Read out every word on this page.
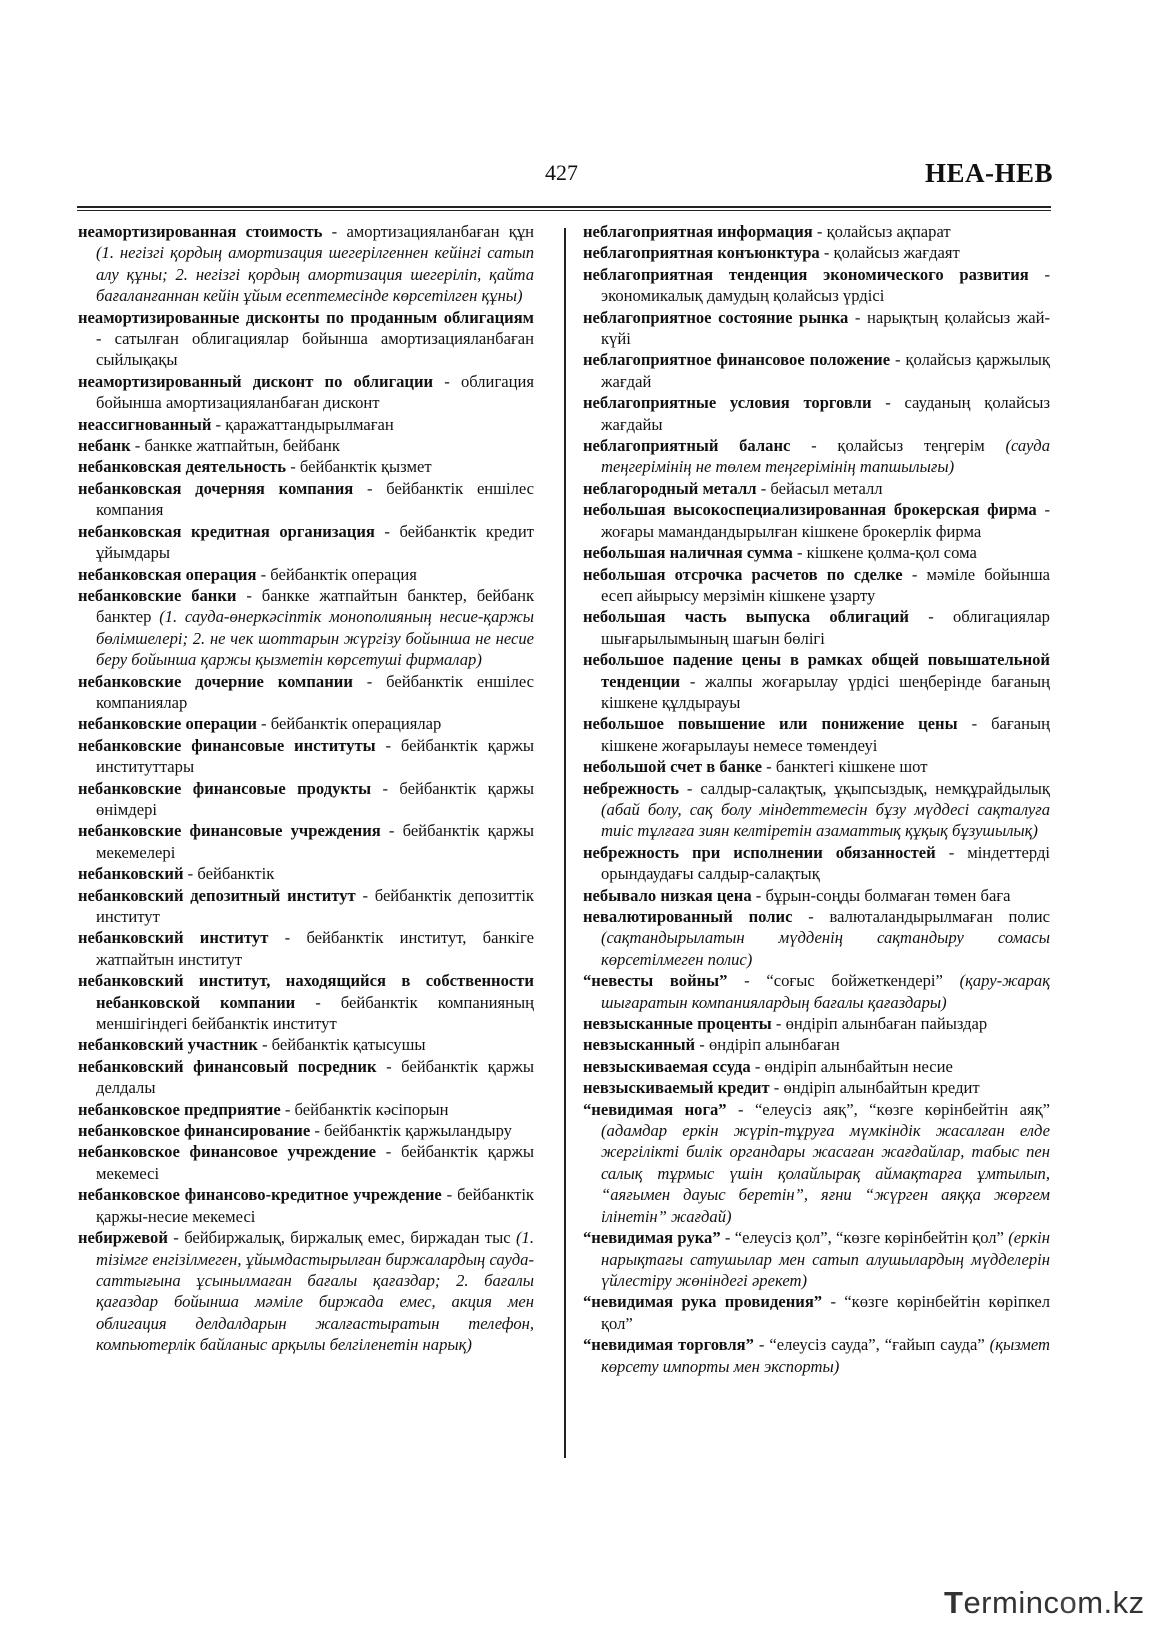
427	НЕА-НЕВ

неамортизированная стоимость - амортизацияланбаған құн (1. негізгі қордың амортизация шегерілгеннен кейінгі сатып алу құны; 2. негізгі қордың амортизация шегеріліп, қайта бағаланғаннан кейін ұйым есептемесінде көрсетілген құны)

неамортизированные дисконты по проданным облигациям - сатылған облигациялар бойынша амортизацияланбаған сыйлықақы

неамортизированный дисконт по облигации - облигация бойынша амортизацияланбаған дисконт

неассигнованный - қаражаттандырылмаған

небанк - банкке жатпайтын, бейбанк

небанковская деятельность - бейбанктік қызмет

небанковская дочерняя компания - бейбанктік еншілес компания

небанковская кредитная организация - бейбанктік кредит ұйымдары

небанковская операция - бейбанктік операция

небанковские банки - банкке жатпайтын банктер, бейбанк банктер (1. сауда-өнеркәсіптік монополияның несие-қаржы бөлімшелері; 2. не чек шоттарын жүргізу бойынша не несие беру бойынша қаржы қызметін көрсетуші фирмалар)

небанковские дочерние компании - бейбанктік еншілес компаниялар

небанковские операции - бейбанктік операциялар

небанковские финансовые институты - бейбанктік қаржы институттары

небанковские финансовые продукты - бейбанктік қаржы өнімдері

небанковские финансовые учреждения - бейбанктік қаржы мекемелері

небанковский - бейбанктік

небанковский депозитный институт - бейбанктік депозиттік институт

небанковский институт - бейбанктік институт, банкіге жатпайтын институт

небанковский институт, находящийся в собственности небанковской компании - бейбанктік компанияның меншігіндегі бейбанктік институт

небанковский участник - бейбанктік қатысушы

небанковский финансовый посредник - бейбанктік қаржы делдалы

небанковское предприятие - бейбанктік кәсіпорын

небанковское финансирование - бейбанктік қаржыландыру

небанковское финансовое учреждение - бейбанктік қаржы мекемесі

небанковское финансово-кредитное учреждение - бейбанктік қаржы-несие мекемесі

небиржевой - бейбиржалық, биржалық емес, биржадан тыс (1. тізімге енгізілмеген, ұйымдастырылған биржалардың сауда-саттығына ұсынылмаған бағалы қағаздар; 2. бағалы қағаздар бойынша мәміле биржада емес, акция мен облигация делдалдарын жалғастыратын телефон, компьютерлік байланыс арқылы белгіленетін нарық)

неблагоприятная информация - қолайсыз ақпарат

неблагоприятная конъюнктура - қолайсыз жағдаят

неблагоприятная тенденция экономического развития - экономикалық дамудың қолайсыз үрдісі

неблагоприятное состояние рынка - нарықтың қолайсыз жай-күйі

неблагоприятное финансовое положение - қолайсыз қаржылық жағдай

неблагоприятные условия торговли - сауданың қолайсыз жағдайы

неблагоприятный баланс - қолайсыз теңгерім (сауда теңгерімінің не төлем теңгерімінің тапшылығы)

неблагородный металл - бейасыл металл

небольшая высокоспециализированная брокерская фирма - жоғары мамандандырылған кішкене брокерлік фирма

небольшая наличная сумма - кішкене қолма-қол сома

небольшая отсрочка расчетов по сделке - мәміле бойынша есеп айырысу мерзімін кішкене ұзарту

небольшая часть выпуска облигаций - облигациялар шығарылымының шағын бөлігі

небольшое падение цены в рамках общей повышательной тенденции - жалпы жоғарылау үрдісі шеңберінде бағаның кішкене құлдырауы

небольшое повышение или понижение цены - бағаның кішкене жоғарылауы немесе төмендеуі

небольшой счет в банке - банктегі кішкене шот

небрежность - салдыр-салақтық, ұқыпсыздық, немқұрайдылық (абай болу, сақ болу міндеттемесін бұзу мүддесі сақталуға тиіс тұлғаға зиян келтіретін азаматтық құқық бұзушылық)

небрежность при исполнении обязанностей - міндеттерді орындаудағы салдыр-салақтық

небывало низкая цена - бұрын-соңды болмаған төмен баға

невалютированный полис - валюталандырылмаған полис (сақтандырылатын мүдденің сақтандыру сомасы көрсетілмеген полис)

“невесты войны” - “соғыс бойжеткендері” (қару-жарақ шығаратын компаниялардың бағалы қағаздары)

невзысканные проценты - өндіріп алынбаған пайыздар

невзысканный - өндіріп алынбаған

невзыскиваемая ссуда - өндіріп алынбайтын несие

невзыскиваемый кредит - өндіріп алынбайтын кредит

“невидимая нога” - “елеусіз аяқ”, “көзге көрінбейтін аяқ” (адамдар еркін жүріп-тұруға мүмкіндік жасалған елде жергілікті билік органдары жасаған жағдайлар, табыс пен салық тұрмыс үшін қолайлырақ аймақтарға ұмтылып, “аяғымен дауыс беретін”, яғни “жүрген аяққа жөргем ілінетін” жағдай)

“невидимая рука” - “елеусіз қол”, “көзге көрінбейтін қол” (еркін нарықтағы сатушылар мен сатып алушылардың мүдделерін үйлестіру жөніндегі әрекет)

“невидимая рука провидения” - “көзге көрінбейтін көріпкел қол”

“невидимая торговля” - “елеусіз сауда”, “ғайып сауда” (қызмет көрсету импорты мен экспорты)

Termincom.kz
